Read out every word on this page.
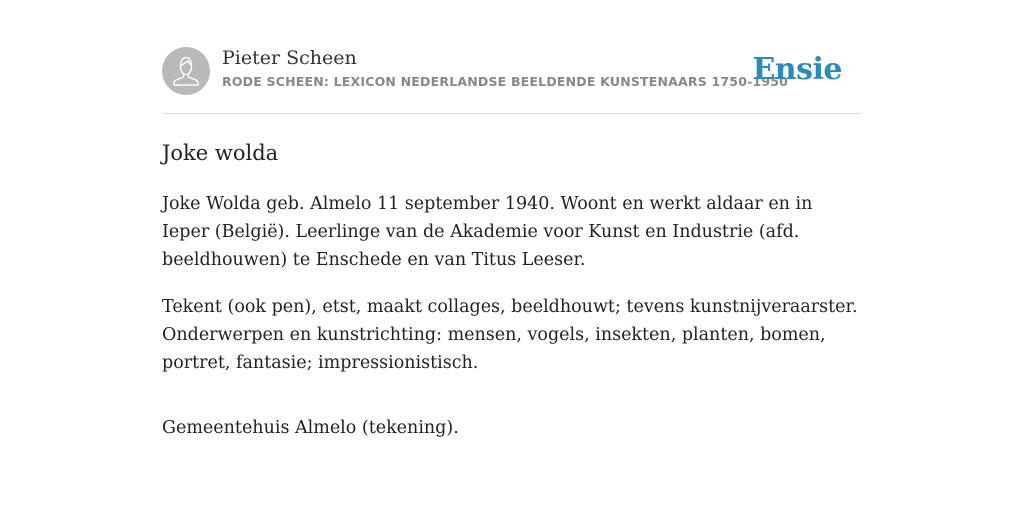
Pieter Scheen
RODE SCHEEN: LEXICON NEDERLANDSE BEELDENDE KUNSTENAARS 1750-1950
Ensie
Joke wolda

Joke Wolda geb. Almelo 11 september 1940. Woont en werkt aldaar en in Ieper (België). Leerlinge van de Akademie voor Kunst en Industrie (afd. beeldhouwen) te Enschede en van Titus Leeser.

Tekent (ook pen), etst, maakt collages, beeldhouwt; tevens kunstnijveraarster. Onderwerpen en kunstrichting: mensen, vogels, insekten, planten, bomen, portret, fantasie; impressionistisch.

Gemeentehuis Almelo (tekening).
